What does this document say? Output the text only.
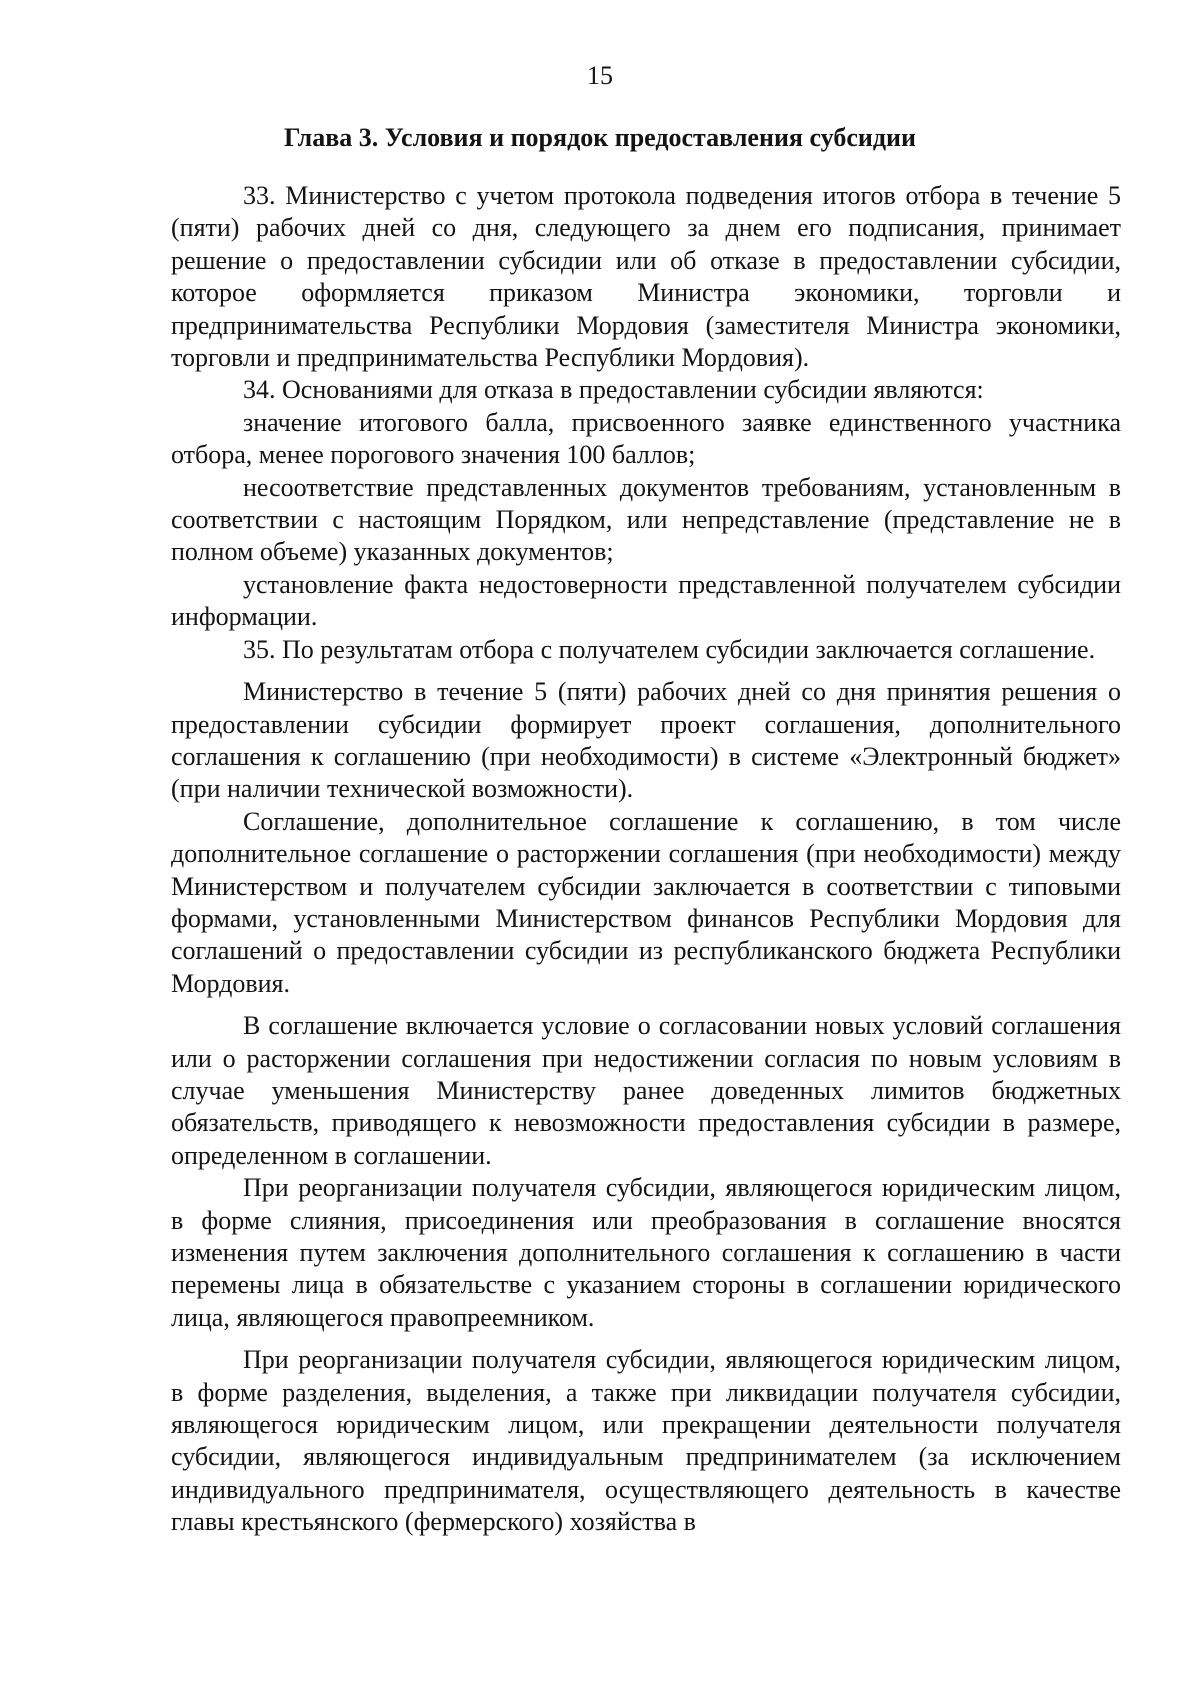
15
Глава 3. Условия и порядок предоставления субсидии

33. Министерство с учетом протокола подведения итогов отбора в течение 5 (пяти) рабочих дней со дня, следующего за днем его подписания, принимает решение о предоставлении субсидии или об отказе в предоставлении субсидии, которое оформляется приказом Министра экономики, торговли и предпринимательства Республики Мордовия (заместителя Министра экономики, торговли и предпринимательства Республики Мордовия).

34. Основаниями для отказа в предоставлении субсидии являются:

значение итогового балла, присвоенного заявке единственного участника отбора, менее порогового значения 100 баллов;

несоответствие представленных документов требованиям, установленным в соответствии с настоящим Порядком, или непредставление (представление не в полном объеме) указанных документов;

установление факта недостоверности представленной получателем субсидии информации.

35. По результатам отбора с получателем субсидии заключается соглашение.

Министерство в течение 5 (пяти) рабочих дней со дня принятия решения о предоставлении субсидии формирует проект соглашения, дополнительного соглашения к соглашению (при необходимости) в системе «Электронный бюджет» (при наличии технической возможности).

Соглашение, дополнительное соглашение к соглашению, в том числе дополнительное соглашение о расторжении соглашения (при необходимости) между Министерством и получателем субсидии заключается в соответствии с типовыми формами, установленными Министерством финансов Республики Мордовия для соглашений о предоставлении субсидии из республиканского бюджета Республики Мордовия.

В соглашение включается условие о согласовании новых условий соглашения или о расторжении соглашения при недостижении согласия по новым условиям в случае уменьшения Министерству ранее доведенных лимитов бюджетных обязательств, приводящего к невозможности предоставления субсидии в размере, определенном в соглашении.

При реорганизации получателя субсидии, являющегося юридическим лицом, в форме слияния, присоединения или преобразования в соглашение вносятся изменения путем заключения дополнительного соглашения к соглашению в части перемены лица в обязательстве с указанием стороны в соглашении юридического лица, являющегося правопреемником.

При реорганизации получателя субсидии, являющегося юридическим лицом, в форме разделения, выделения, а также при ликвидации получателя субсидии, являющегося юридическим лицом, или прекращении деятельности получателя субсидии, являющегося индивидуальным предпринимателем (за исключением индивидуального предпринимателя, осуществляющего деятельность в качестве главы крестьянского (фермерского) хозяйства в
